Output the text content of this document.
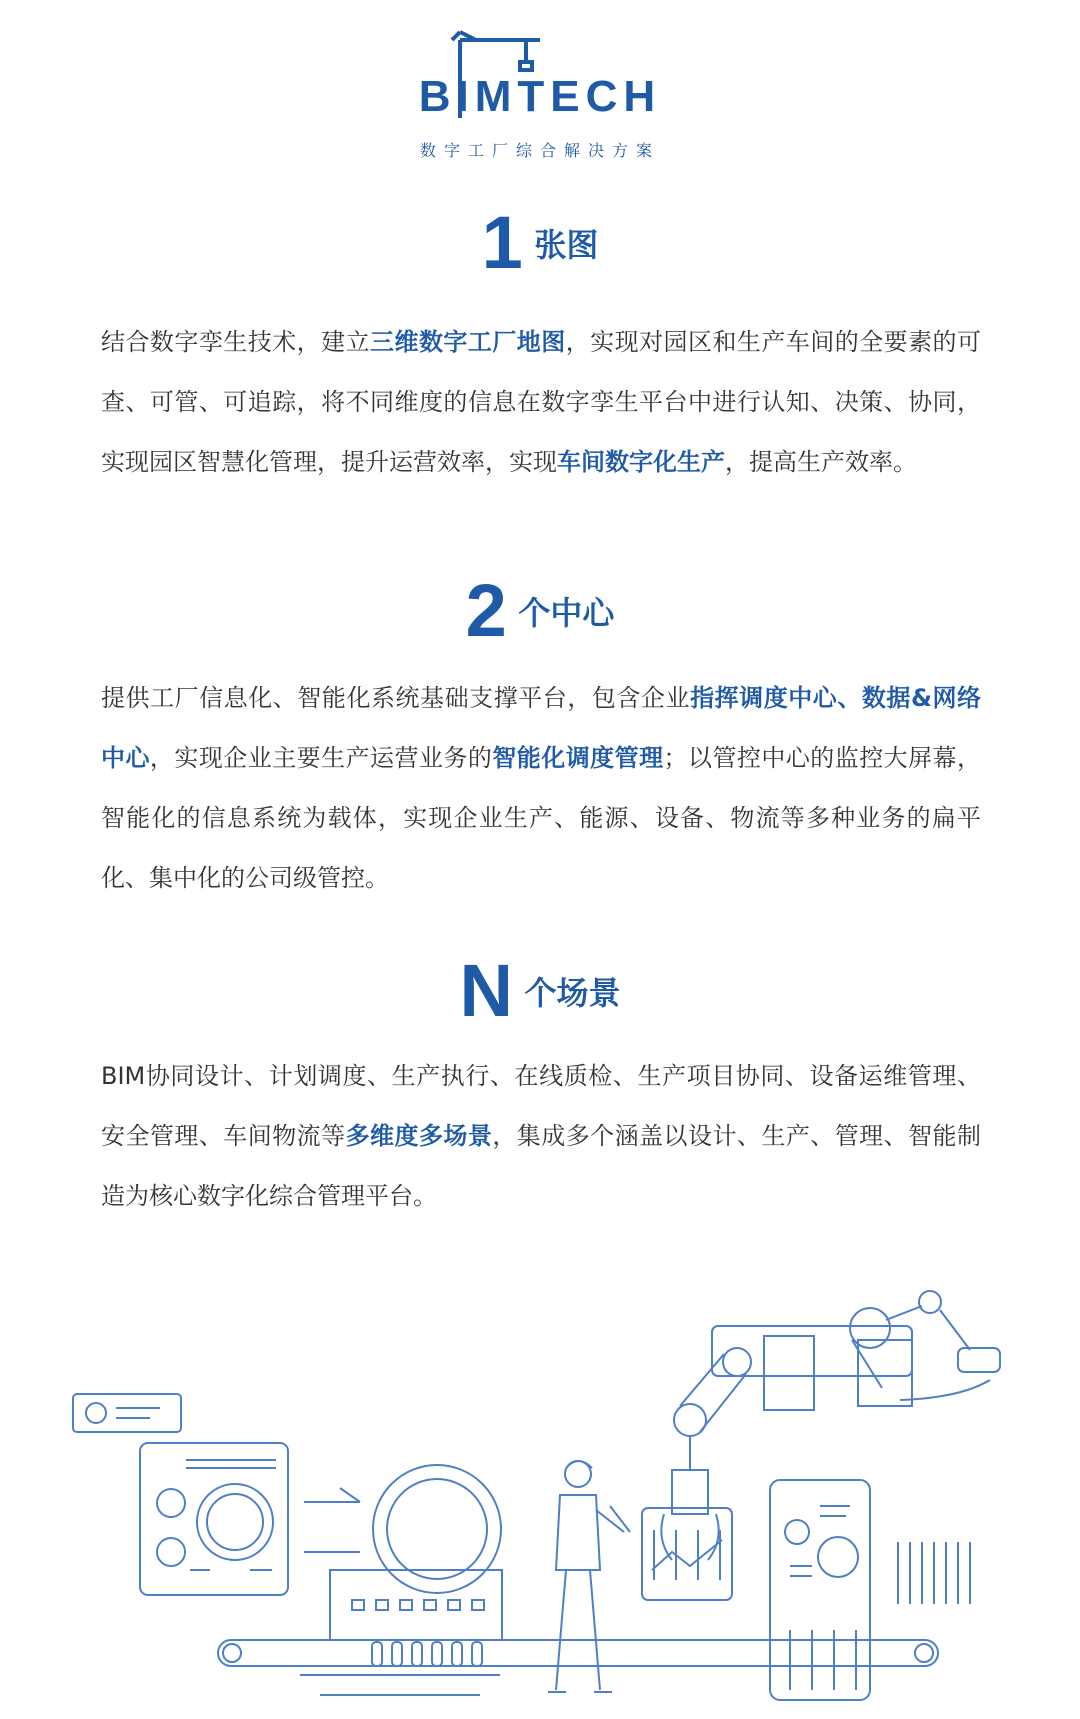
BIMTECH
数字工厂综合解决方案
1 张图

结合数字孪生技术，建立三维数字工厂地图，实现对园区和生产车间的全要素的可查、可管、可追踪，将不同维度的信息在数字孪生平台中进行认知、决策、协同，实现园区智慧化管理，提升运营效率，实现车间数字化生产，提高生产效率。

2 个中心

提供工厂信息化、智能化系统基础支撑平台，包含企业指挥调度中心、数据&网络中心，实现企业主要生产运营业务的智能化调度管理；以管控中心的监控大屏幕，智能化的信息系统为载体，实现企业生产、能源、设备、物流等多种业务的扁平化、集中化的公司级管控。

N 个场景

BIM协同设计、计划调度、生产执行、在线质检、生产项目协同、设备运维管理、安全管理、车间物流等多维度多场景，集成多个涵盖以设计、生产、管理、智能制造为核心数字化综合管理平台。
